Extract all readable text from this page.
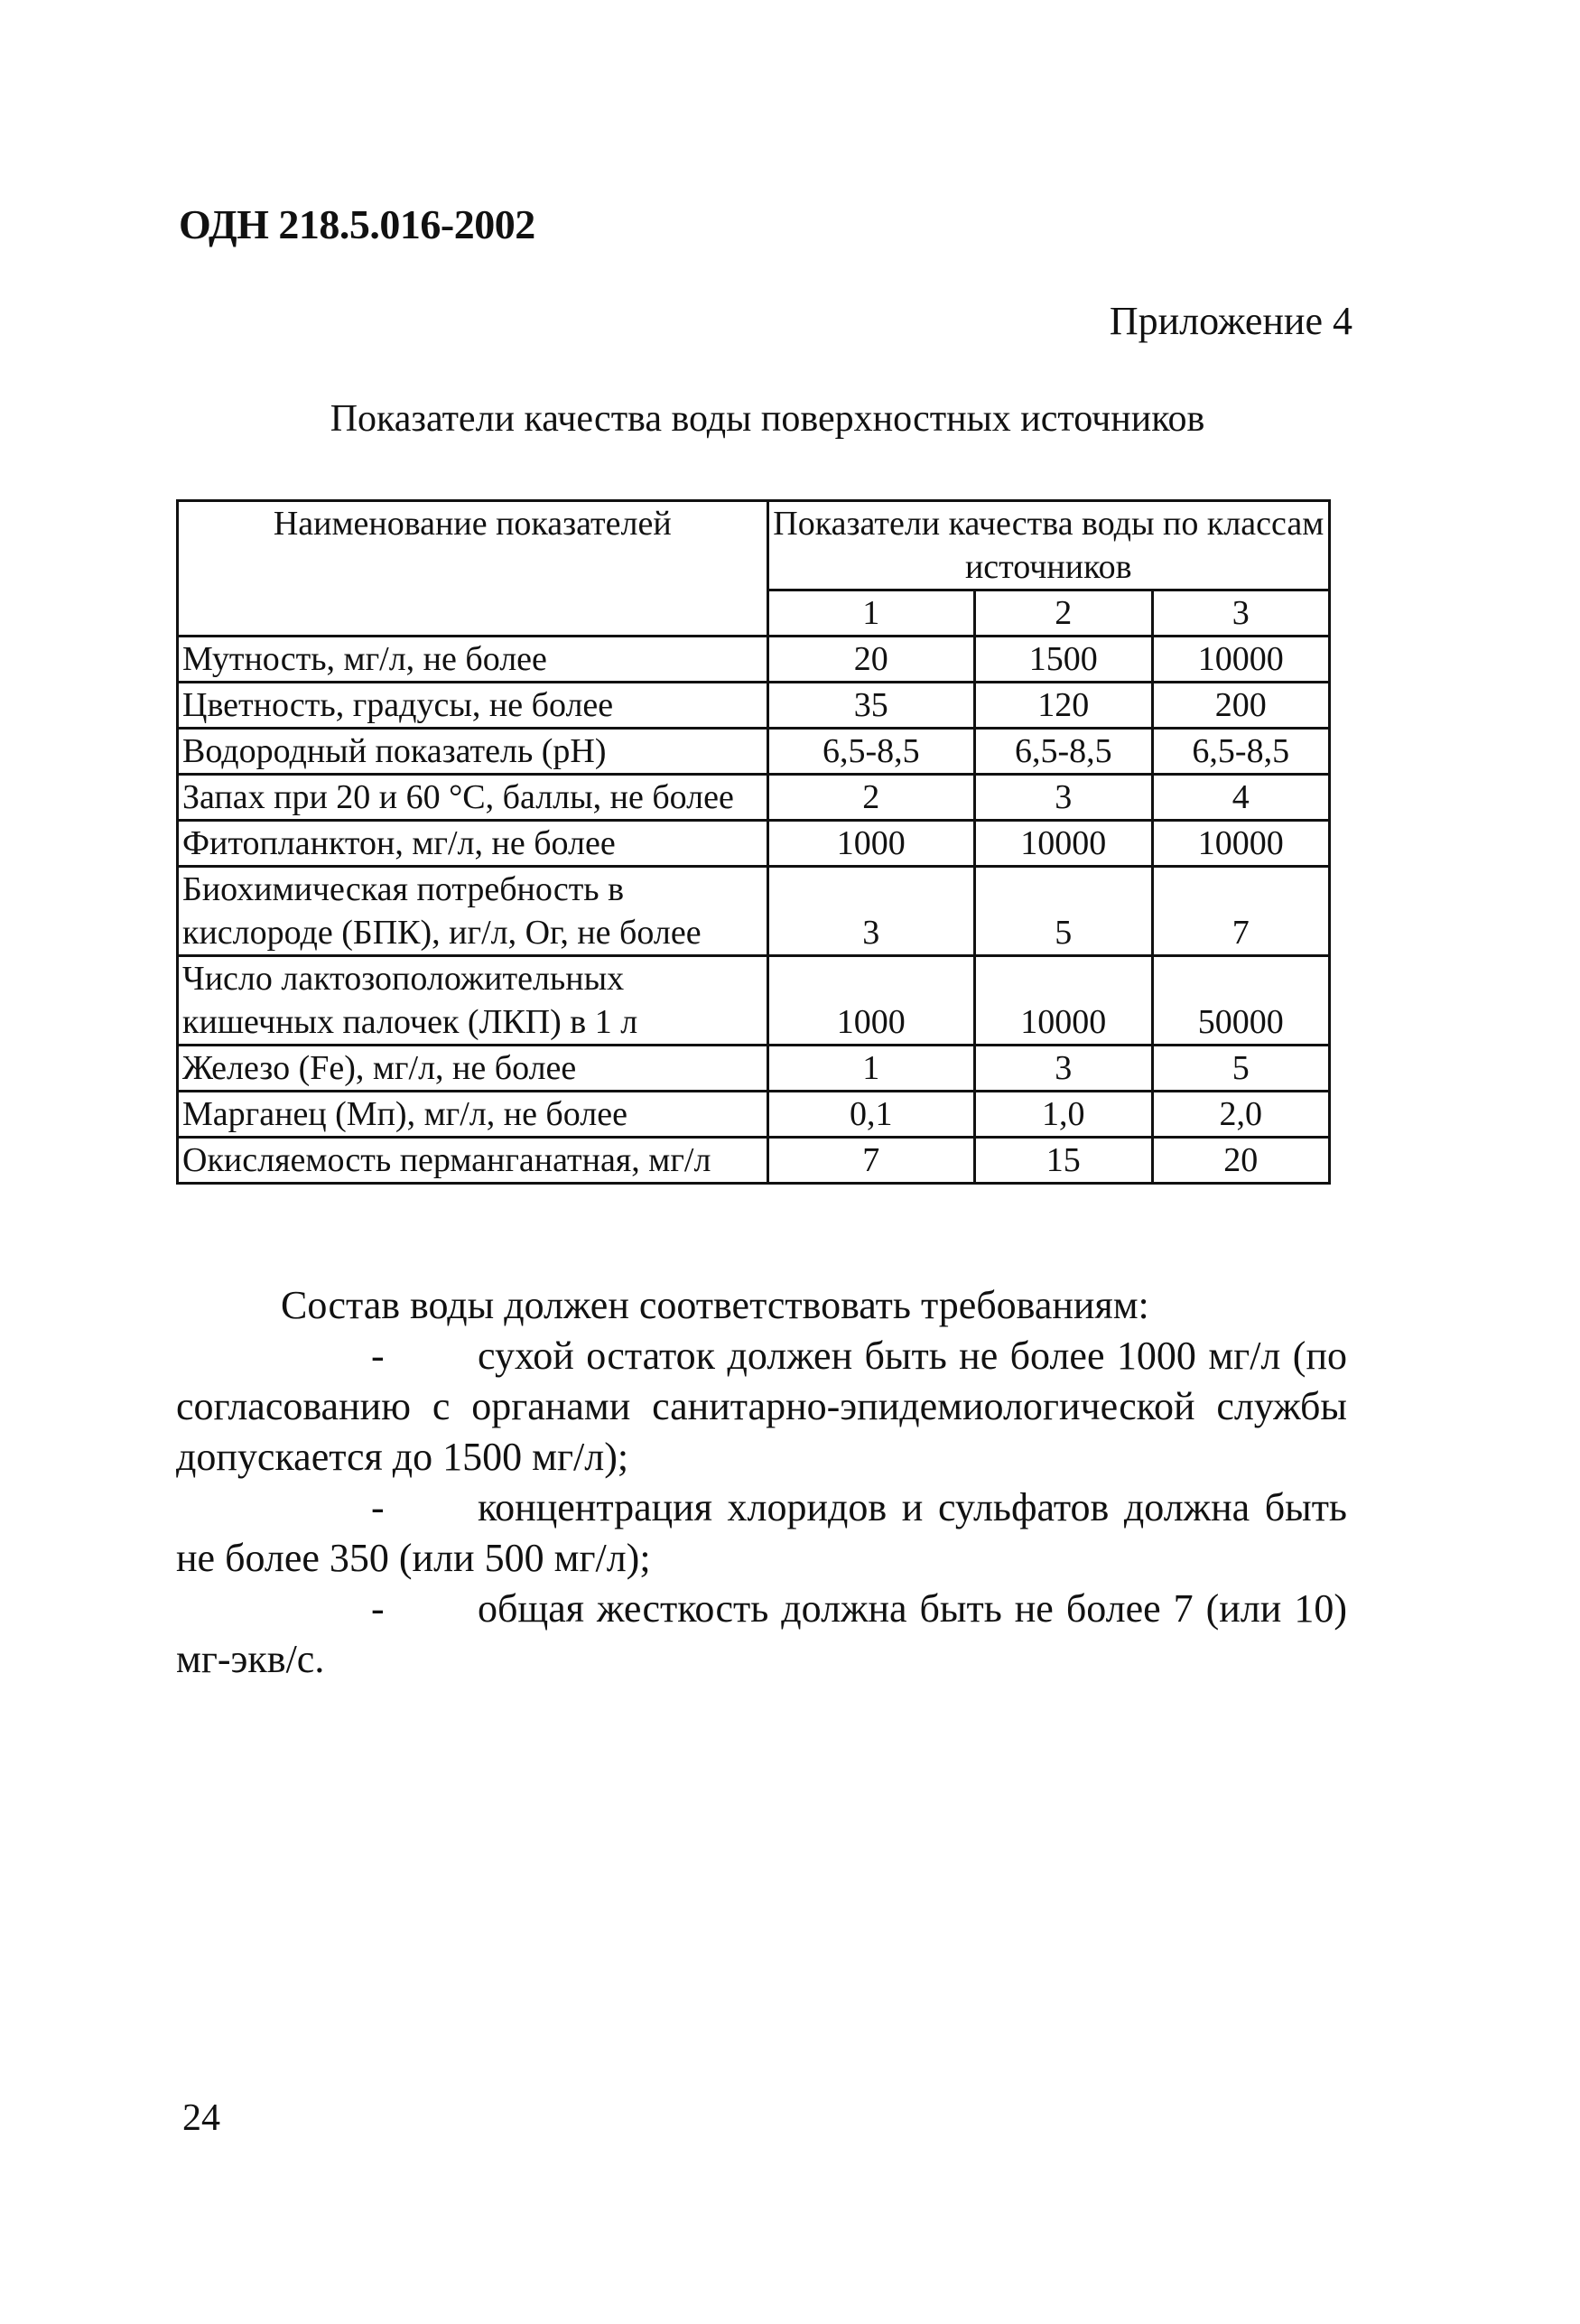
ОДН 218.5.016-2002
Приложение 4
Показатели качества воды поверхностных источников
Наименование показателей	Показатели качества воды по классам источников		
	1	2	3
Мутность, мг/л, не более	20	1500	10000
Цветность, градусы, не более	35	120	200
Водородный показатель (pH)	6,5-8,5	6,5-8,5	6,5-8,5
Запах при 20 и 60 °С, баллы, не более	2	3	4
Фитопланктон, мг/л, не более	1000	10000	10000
Биохимическая потребность в кислороде (БПК), иг/л, Ог, не более	3	5	7
Число лактозоположительных кишечных палочек (ЛКП) в 1 л	1000	10000	50000
Железо (Fe), мг/л, не более	1	3	5
Марганец (Мп), мг/л, не более	0,1	1,0	2,0
Окисляемость перманганатная, мг/л	7	15	20

Состав воды должен соответствовать требованиям:

- сухой остаток должен быть не более 1000 мг/л (по согласованию с органами санитарно-эпидемиологической службы допускается до 1500 мг/л);

- концентрация хлоридов и сульфатов должна быть не более 350 (или 500 мг/л);

- общая жесткость должна быть не более 7 (или 10) мг-экв/с.

24
